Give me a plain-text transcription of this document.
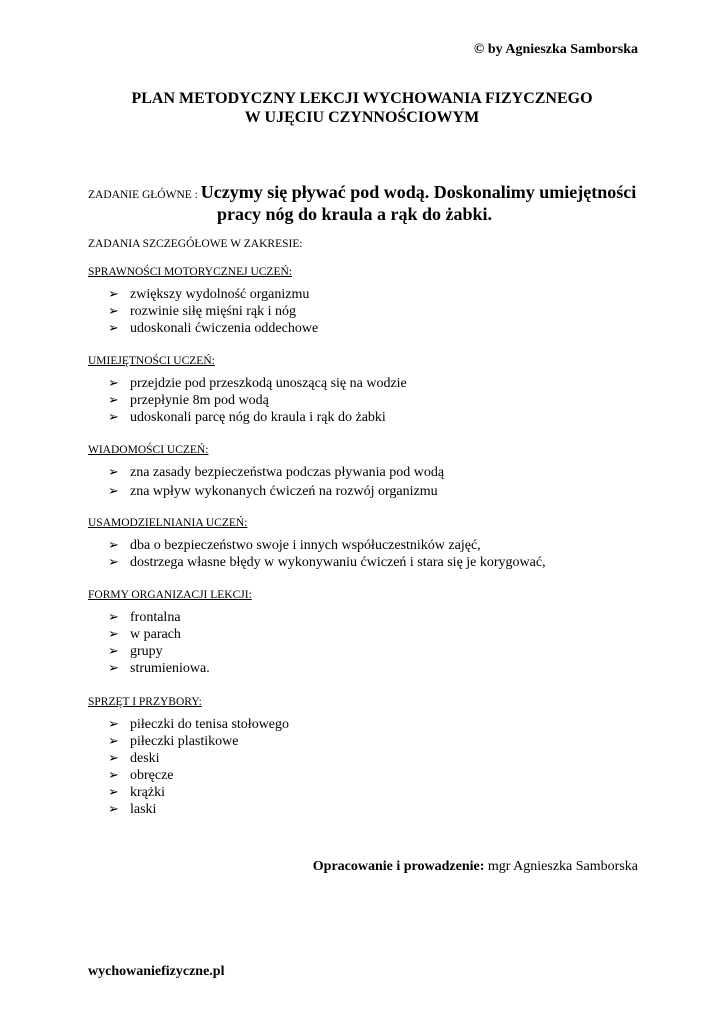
© by Agnieszka Samborska
PLAN METODYCZNY LEKCJI WYCHOWANIA FIZYCZNEGO
W UJĘCIU CZYNNOŚCIOWYM
ZADANIE GŁÓWNE : Uczymy się pływać pod wodą. Doskonalimy umiejętności
pracy nóg do kraula a rąk do żabki.
ZADANIA SZCZEGÓŁOWE W ZAKRESIE:
SPRAWNOŚCI MOTORYCZNEJ UCZEŃ:
➢ zwiększy wydolność organizmu
➢ rozwinie siłę mięśni rąk i nóg
➢ udoskonali ćwiczenia oddechowe
UMIEJĘTNOŚCI UCZEŃ:
➢ przejdzie pod przeszkodą unoszącą się na wodzie
➢ przepłynie 8m pod wodą
➢ udoskonali parcę nóg do kraula i rąk do żabki
WIADOMOŚCI UCZEŃ:
➢ zna zasady bezpieczeństwa podczas pływania pod wodą
➢ zna wpływ wykonanych ćwiczeń na rozwój organizmu
USAMODZIELNIANIA UCZEŃ:
➢ dba o bezpieczeństwo swoje i innych współuczestników zajęć,
➢ dostrzega własne błędy w wykonywaniu ćwiczeń i stara się je korygować,
FORMY ORGANIZACJI LEKCJI:
➢ frontalna
➢ w parach
➢ grupy
➢ strumieniowa.
SPRZĘT I PRZYBORY:
➢ piłeczki do tenisa stołowego
➢ piłeczki plastikowe
➢ deski
➢ obręcze
➢ krążki
➢ laski
Opracowanie i prowadzenie: mgr Agnieszka Samborska
wychowaniefizyczne.pl
